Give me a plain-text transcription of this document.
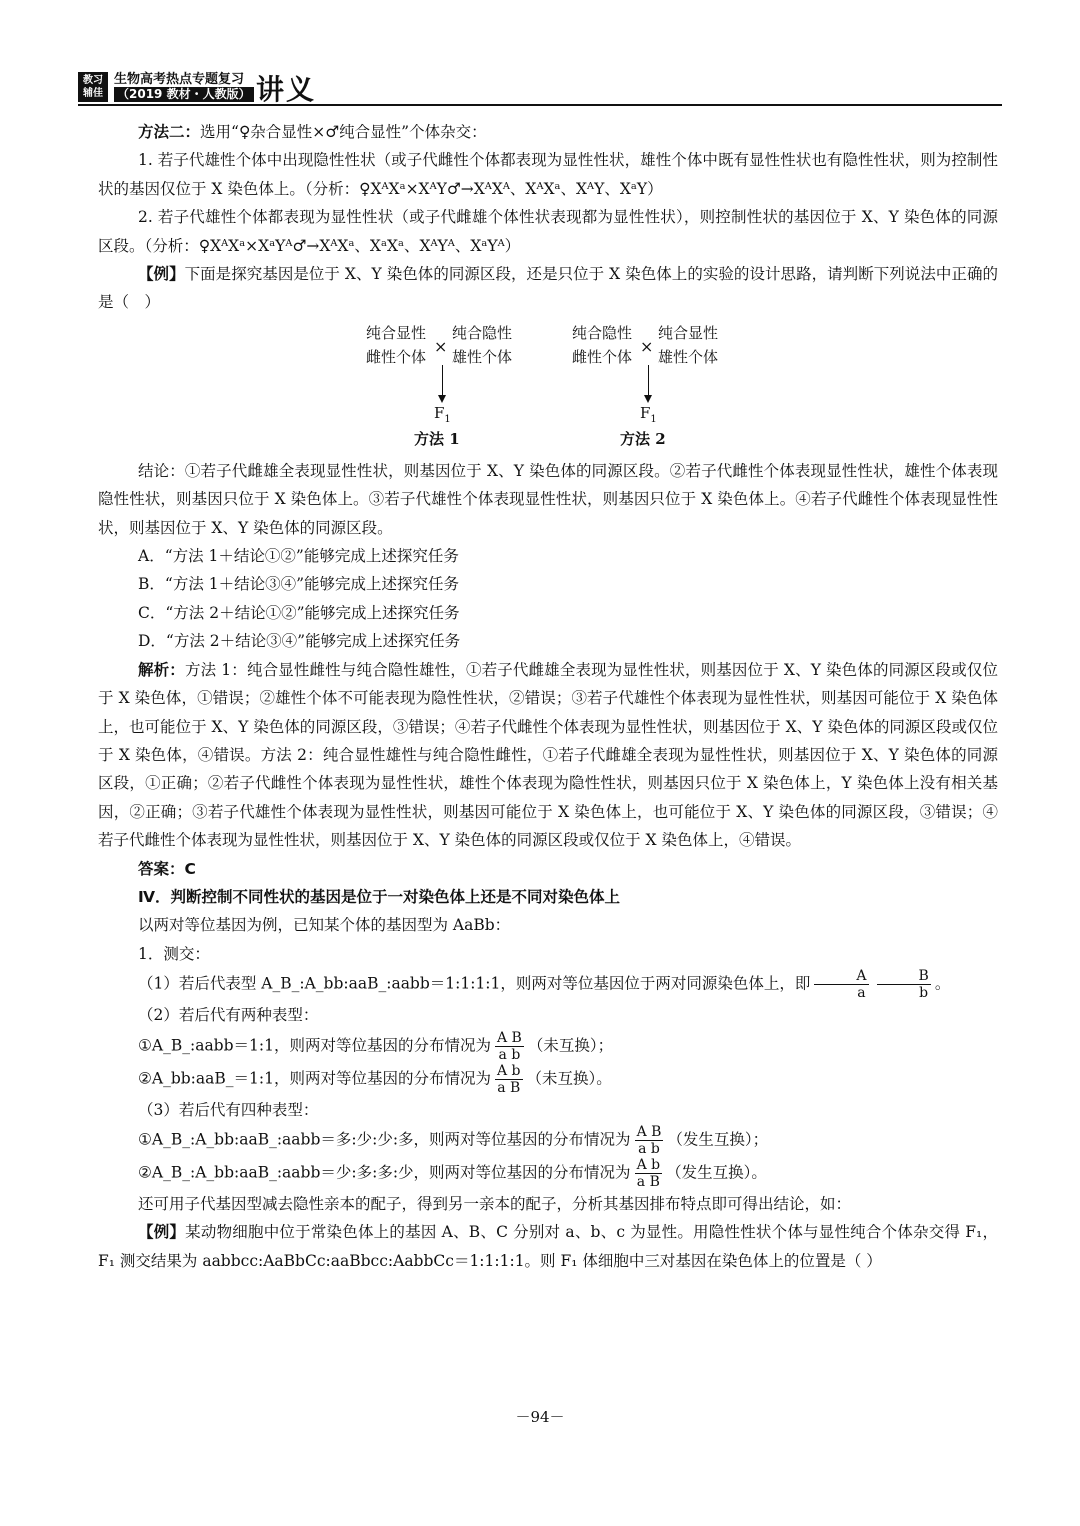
教习
辅佳
生物高考热点专题复习
（2019 教材・人教版） 讲义

方法二：选用“♀杂合显性×♂纯合显性”个体杂交：

1. 若子代雄性个体中出现隐性性状（或子代雌性个体都表现为显性性状，雄性个体中既有显性性状也有隐性性状，则为控制性状的基因仅位于 X 染色体上。（分析：♀XᴬXᵃ×XᴬY♂→XᴬXᴬ、XᴬXᵃ、XᴬY、XᵃY）

2. 若子代雄性个体都表现为显性性状（或子代雌雄个体性状表现都为显性性状），则控制性状的基因位于 X、Y 染色体的同源区段。（分析：♀XᴬXᵃ×XᵃYᴬ♂→XᴬXᵃ、XᵃXᵃ、XᴬYᴬ、XᵃYᴬ）

【例】下面是探究基因是位于 X、Y 染色体的同源区段，还是只位于 X 染色体上的实验的设计思路，请判断下列说法中正确的是（　）

纯合显性
雌性个体
×
纯合隐性
雄性个体
$F_1$
方法 1
纯合隐性
雌性个体
×
纯合显性
雄性个体
$F_1$
方法 2

结论：①若子代雌雄全表现显性性状，则基因位于 X、Y 染色体的同源区段。②若子代雌性个体表现显性性状，雄性个体表现隐性性状，则基因只位于 X 染色体上。③若子代雄性个体表现显性性状，则基因只位于 X 染色体上。④若子代雌性个体表现显性性状，则基因位于 X、Y 染色体的同源区段。

A．“方法 1＋结论①②”能够完成上述探究任务

B．“方法 1＋结论③④”能够完成上述探究任务

C．“方法 2＋结论①②”能够完成上述探究任务

D．“方法 2＋结论③④”能够完成上述探究任务

解析：方法 1：纯合显性雌性与纯合隐性雄性，①若子代雌雄全表现为显性性状，则基因位于 X、Y 染色体的同源区段或仅位于 X 染色体，①错误；②雄性个体不可能表现为隐性性状，②错误；③若子代雄性个体表现为显性性状，则基因可能位于 X 染色体上，也可能位于 X、Y 染色体的同源区段，③错误；④若子代雌性个体表现为显性性状，则基因位于 X、Y 染色体的同源区段或仅位于 X 染色体，④错误。方法 2：纯合显性雄性与纯合隐性雌性，①若子代雌雄全表现为显性性状，则基因位于 X、Y 染色体的同源区段，①正确；②若子代雌性个体表现为显性性状，雄性个体表现为隐性性状，则基因只位于 X 染色体上，Y 染色体上没有相关基因，②正确；③若子代雄性个体表现为显性性状，则基因可能位于 X 染色体上，也可能位于 X、Y 染色体的同源区段，③错误；④若子代雌性个体表现为显性性状，则基因位于 X、Y 染色体的同源区段或仅位于 X 染色体上，④错误。

答案：C

Ⅳ．判断控制不同性状的基因是位于一对染色体上还是不同对染色体上

以两对等位基因为例，已知某个体的基因型为 AaBb：

1．测交：

（1）若后代表型 A_B_:A_bb:aaB_:aabb＝1:1:1:1，则两对等位基因位于两对同源染色体上，即 $\frac{A}{a} \frac{B}{b}$ 。

（2）若后代有两种表型：

①A_B_:aabb＝1:1，则两对等位基因的分布情况为 $\frac{\text{A B}}{\text{a b}}$ （未互换）；

②A_bb:aaB_＝1:1，则两对等位基因的分布情况为 $\frac{\text{A b}}{\text{a B}}$ （未互换）。

（3）若后代有四种表型：

①A_B_:A_bb:aaB_:aabb＝多:少:少:多，则两对等位基因的分布情况为 $\frac{\text{A B}}{\text{a b}}$ （发生互换）；

②A_B_:A_bb:aaB_:aabb＝少:多:多:少，则两对等位基因的分布情况为 $\frac{\text{A b}}{\text{a B}}$ （发生互换）。

还可用子代基因型减去隐性亲本的配子，得到另一亲本的配子，分析其基因排布特点即可得出结论，如：

【例】某动物细胞中位于常染色体上的基因 A、B、C 分别对 a、b、c 为显性。用隐性性状个体与显性纯合个体杂交得 F₁，F₁ 测交结果为 aabbcc:AaBbCc:aaBbcc:AabbCc＝1:1:1:1。则 F₁ 体细胞中三对基因在染色体上的位置是（ ）

－94－
